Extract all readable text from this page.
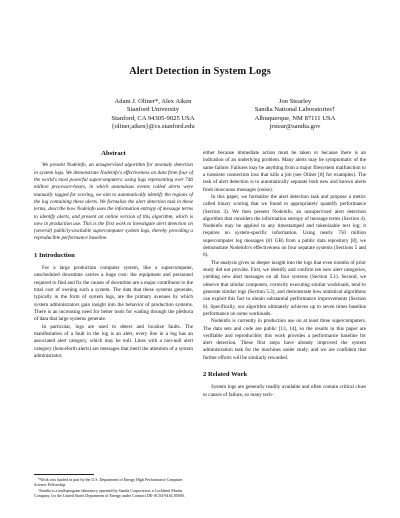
Alert Detection in System Logs
Adam J. Oliner*, Alex Aiken
Stanford University
Stanford, CA 94305-9025 USA
{oliner,aiken}@cs.stanford.edu
Jon Stearley
Sandia National Laboratories†
Albuquerque, NM 87111 USA
jrstear@sandia.gov
Abstract

We present Nodeinfo, an unsupervised algorithm for anomaly detection in system logs. We demonstrate Nodeinfo's effectiveness on data from four of the world's most powerful supercomputers: using logs representing over 746 million processor-hours, in which anomalous events called alerts were manually tagged for scoring, we aim to automatically identify the regions of the log containing these alerts. We formalize the alert detection task in these terms, describe how Nodeinfo uses the information entropy of message terms to identify alerts, and present an online version of this algorithm, which is now in production use. This is the first work to investigate alert detection on (several) publicly-available supercomputer system logs, thereby providing a reproducible performance baseline.

1 Introduction

For a large production computer system, like a supercomputer, unscheduled downtime carries a huge cost: the equipment and personnel required to find and fix the causes of downtime are a major contributor to the total cost of owning such a system. The data that these systems generate, typically in the form of system logs, are the primary avenues by which system administrators gain insight into the behavior of production systems. There is an increasing need for better tools for wading through the plethora of data that large systems generate.

In particular, logs are used to detect and localize faults. The manifestation of a fault in the log is an alert, every line in a log has an associated alert category, which may be null. Lines with a non-null alert category (henceforth alerts) are messages that merit the attention of a system administrator,

*Work was funded in part by the U.S. Department of Energy High Performance Computer Science Fellowship.
†Sandia is a multiprogram laboratory operated by Sandia Corporation, a Lockheed Martin Company, for the United States Department of Energy under Contract DE-AC04-94AL85000.

either because immediate action must be taken or because there is an indication of an underlying problem. Many alerts may be symptomatic of the same failure. Failures may be anything from a major filesystem malfunction to a transient connection loss that kills a job (see Oliner [8] for examples). The task of alert detection is to automatically separate both new and known alerts from innocuous messages (noise).

In this paper, we formalize the alert detection task and propose a metric called binary scoring that we found to appropriately quantify performance (Section 3). We then present Nodeinfo, an unsupervised alert detection algorithm that considers the information entropy of message terms (Section 4). Nodeinfo may be applied to any timestamped and tokenizable text log; it requires no system-specific information. Using nearly 750 million supercomputer log messages (81 GB) from a public data repository [8], we demonstrate Nodeinfo's effectiveness on four separate systems (Sections 5 and 6).

The analysis gives us deeper insight into the logs that even months of prior study did not provide. First, we identify and confirm ten new alert categories, yielding new alert messages on all four systems (Section 5.1). Second, we observe that similar computers, correctly executing similar workloads, tend to generate similar logs (Section 5.3), and demonstrate how statistical algorithms can exploit this fact to obtain substantial performance improvements (Section 6). Specifically, our algorithm ultimately achieves up to seven times baseline performance on some workloads.

Nodeinfo is currently in production use on at least three supercomputers. The data sets and code are public [13, 14], so the results in this paper are verifiable and reproducible; this work provides a performance baseline for alert detection. These first steps have already improved the system administration task for the machines under study, and we are confident that further efforts will be similarly rewarded.

2 Related Work

System logs are generally readily available and often contain critical clues to causes of failure, so many tech-
